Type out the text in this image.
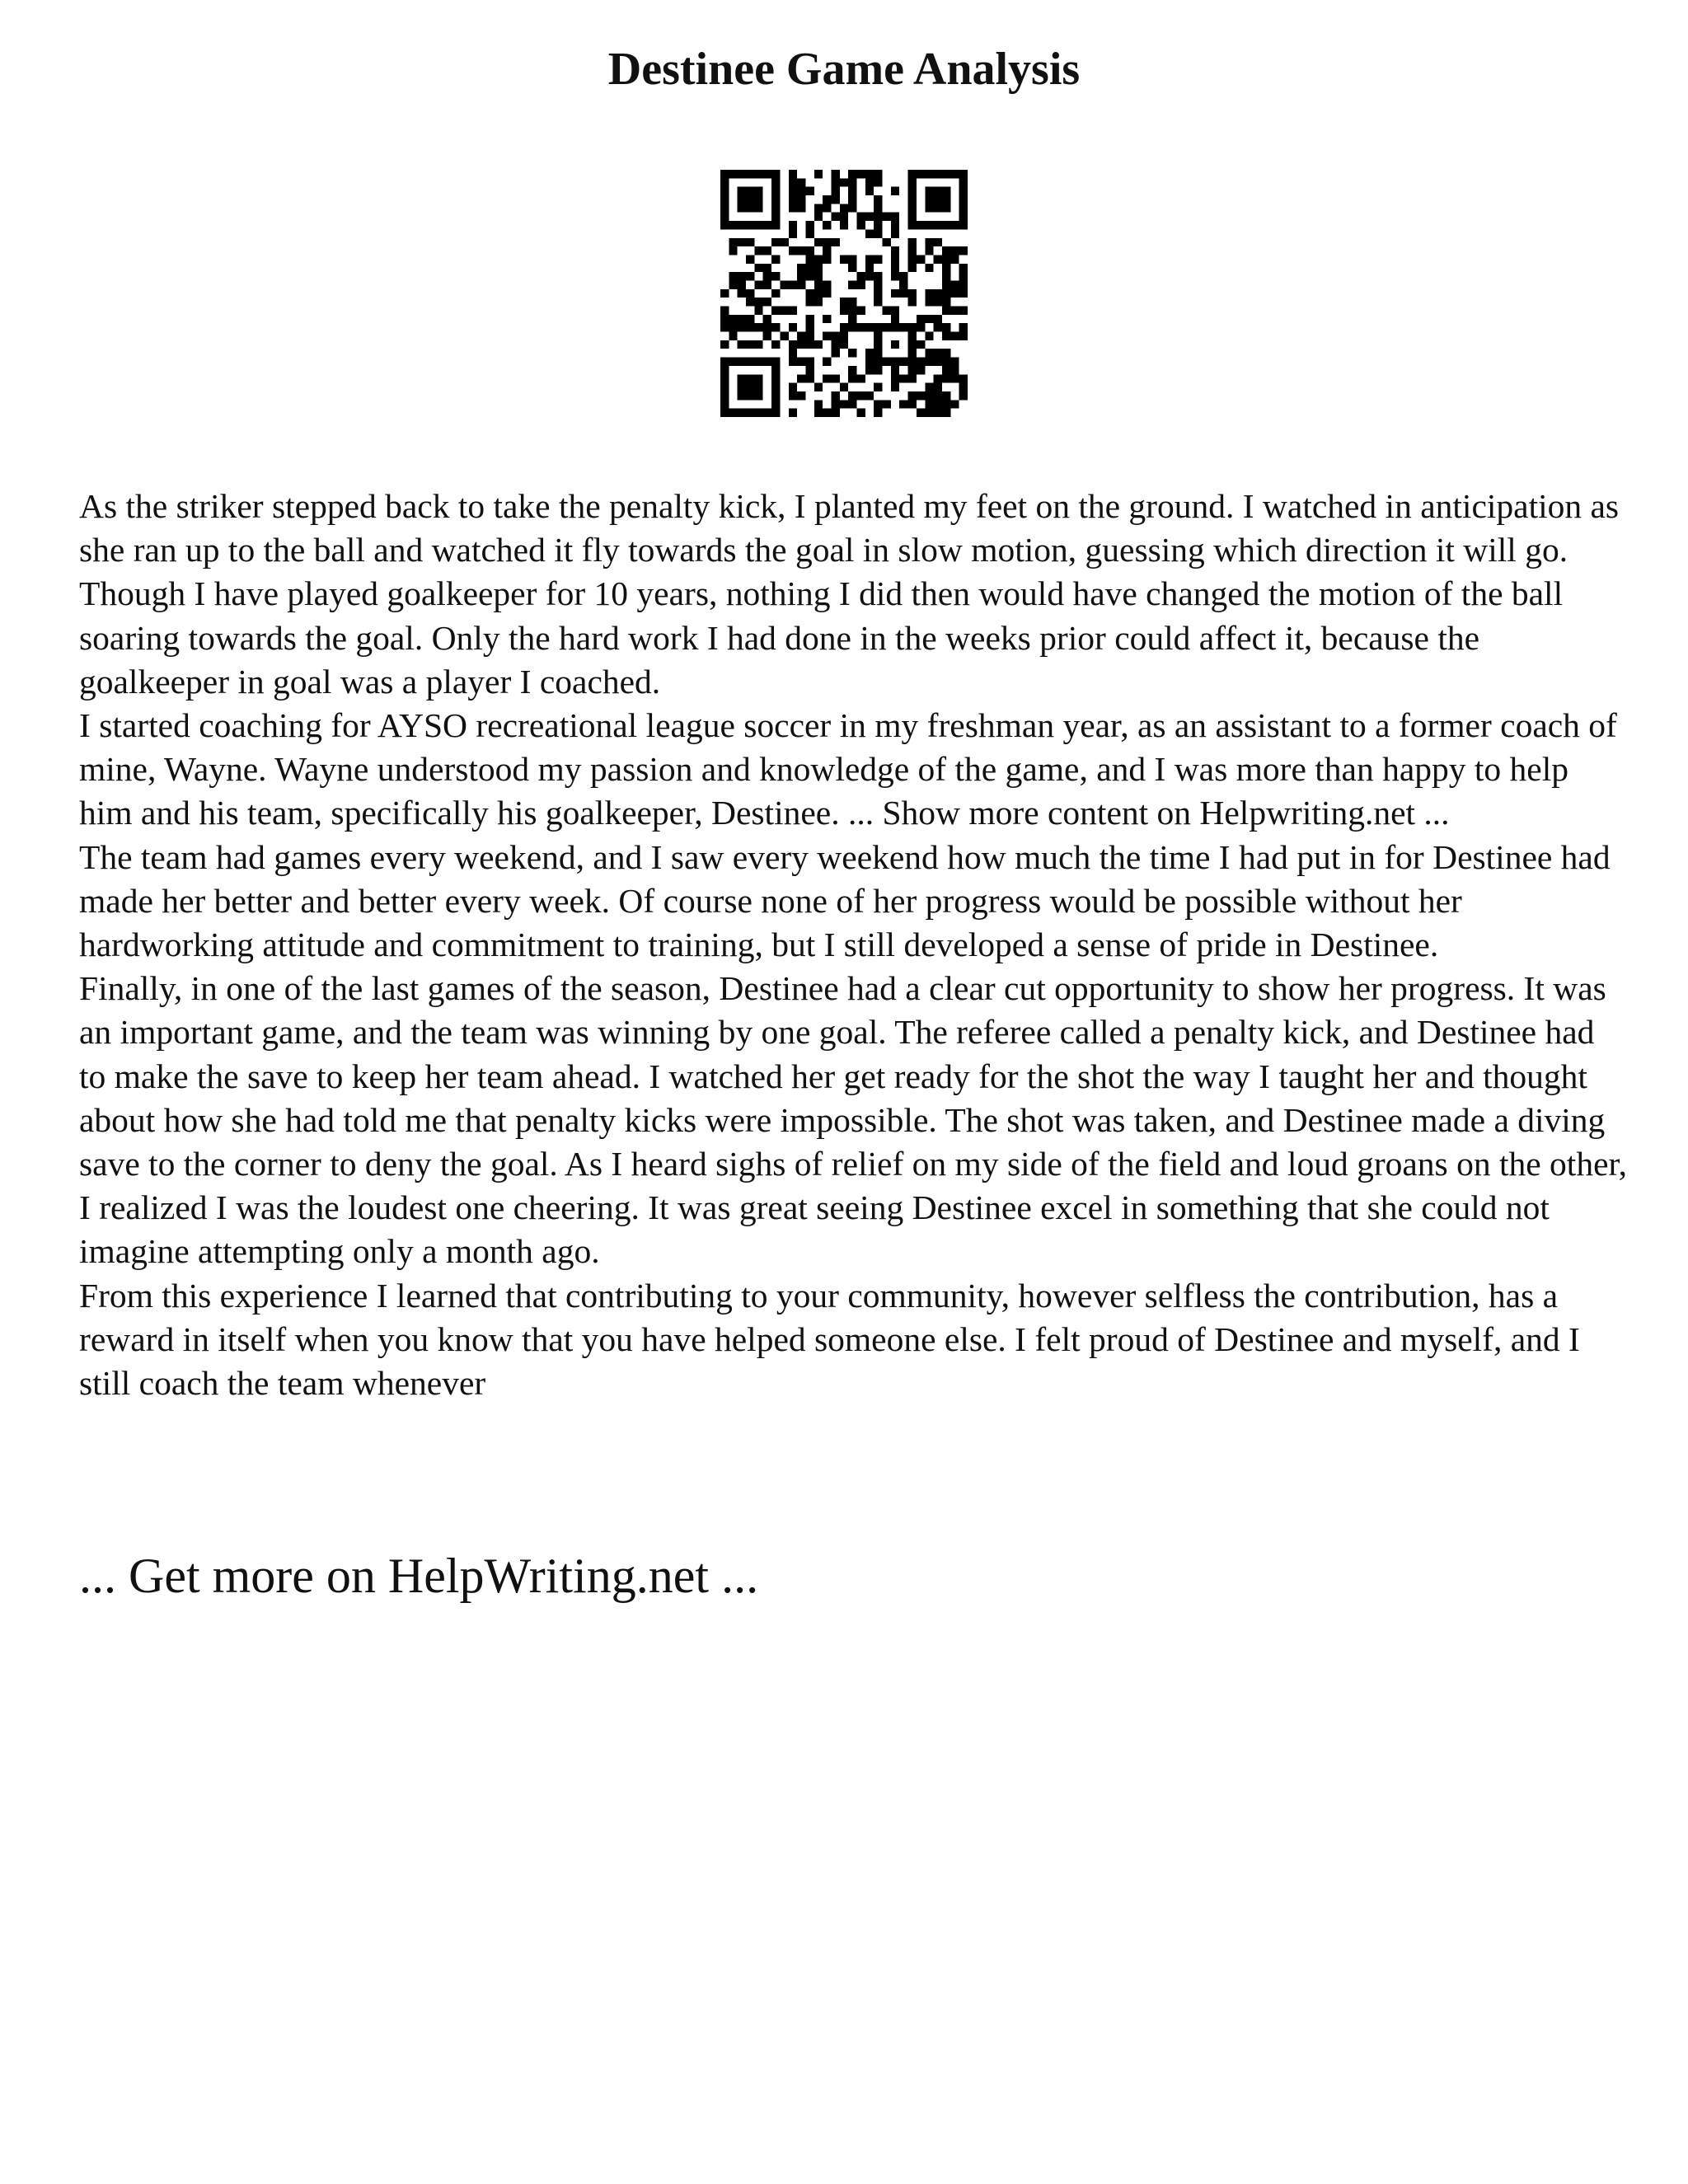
Destinee Game Analysis

As the striker stepped back to take the penalty kick, I planted my feet on the ground. I watched in anticipation as she ran up to the ball and watched it fly towards the goal in slow motion, guessing which direction it will go. Though I have played goalkeeper for 10 years, nothing I did then would have changed the motion of the ball soaring towards the goal. Only the hard work I had done in the weeks prior could affect it, because the goalkeeper in goal was a player I coached.

I started coaching for AYSO recreational league soccer in my freshman year, as an assistant to a former coach of mine, Wayne. Wayne understood my passion and knowledge of the game, and I was more than happy to help him and his team, specifically his goalkeeper, Destinee. ... Show more content on Helpwriting.net ...

The team had games every weekend, and I saw every weekend how much the time I had put in for Destinee had made her better and better every week. Of course none of her progress would be possible without her hardworking attitude and commitment to training, but I still developed a sense of pride in Destinee.

Finally, in one of the last games of the season, Destinee had a clear cut opportunity to show her progress. It was an important game, and the team was winning by one goal. The referee called a penalty kick, and Destinee had to make the save to keep her team ahead. I watched her get ready for the shot the way I taught her and thought about how she had told me that penalty kicks were impossible. The shot was taken, and Destinee made a diving save to the corner to deny the goal. As I heard sighs of relief on my side of the field and loud groans on the other, I realized I was the loudest one cheering. It was great seeing Destinee excel in something that she could not imagine attempting only a month ago.

From this experience I learned that contributing to your community, however selfless the contribution, has a reward in itself when you know that you have helped someone else. I felt proud of Destinee and myself, and I still coach the team whenever

... Get more on HelpWriting.net ...
